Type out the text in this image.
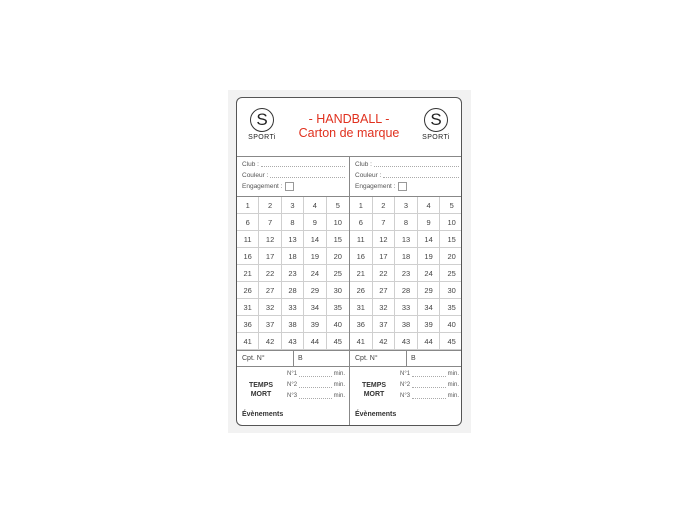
S
SPORTi
- HANDBALL -
Carton de marque
S
SPORTi
Club :
Couleur :
Engagement :
1	2	3	4	5
6	7	8	9	10
11	12	13	14	15
16	17	18	19	20
21	22	23	24	25
26	27	28	29	30
31	32	33	34	35
36	37	38	39	40
41	42	43	44	45
Cpt. N°	B
TEMPS
MORT
N°1	min.
N°2	min.
N°3	min.
Évènements
Club :
Couleur :
Engagement :
1	2	3	4	5
6	7	8	9	10
11	12	13	14	15
16	17	18	19	20
21	22	23	24	25
26	27	28	29	30
31	32	33	34	35
36	37	38	39	40
41	42	43	44	45
Cpt. N°	B
TEMPS
MORT
N°1	min.
N°2	min.
N°3	min.
Évènements
